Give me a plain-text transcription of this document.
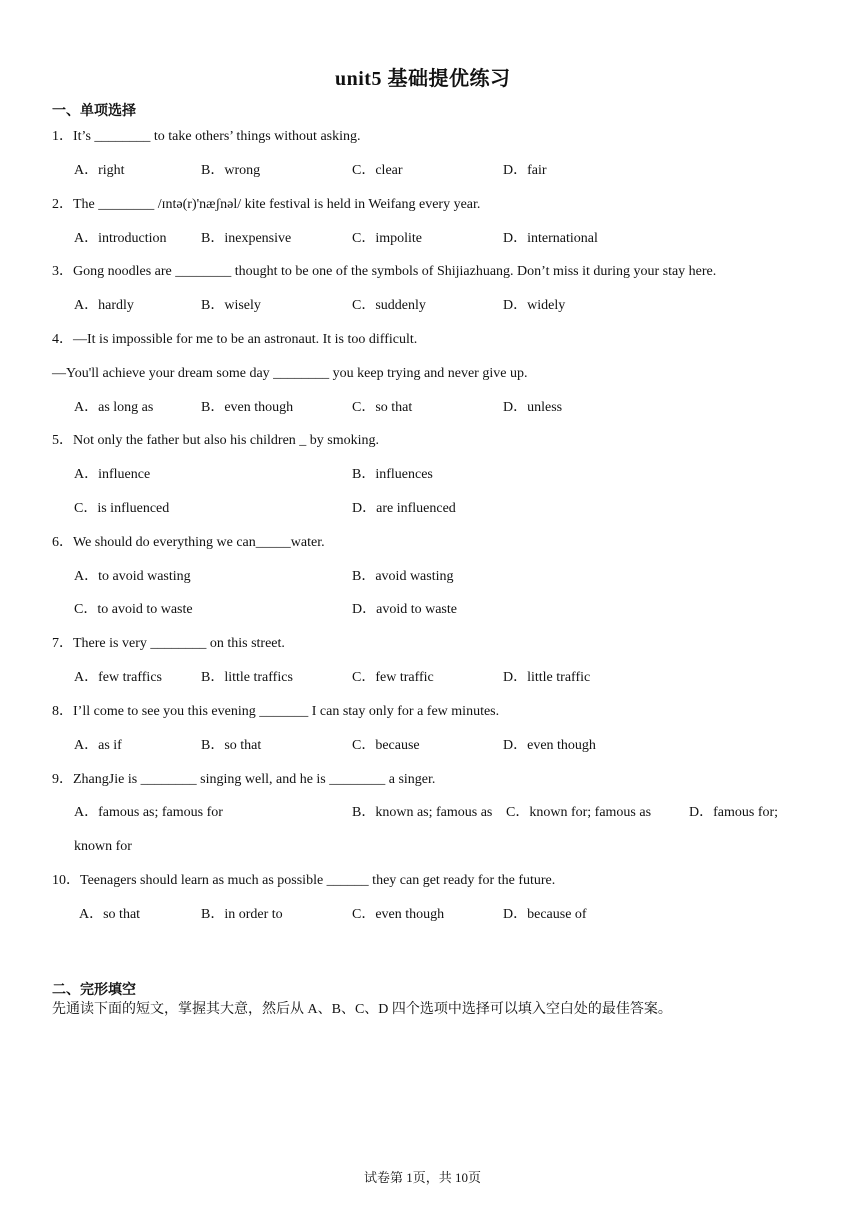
unit5 基础提优练习
一、单项选择
1．It’s ________ to take others’ things without asking.
A．right	B．wrong	C．clear	D．fair
2．The ________ /ɪntə(r)'næʃnəl/ kite festival is held in Weifang every year.
A．introduction B．inexpensive	C．impolite	D．international
3．Gong noodles are ________ thought to be one of the symbols of Shijiazhuang. Don’t miss it during your stay here.
A．hardly	B．wisely	C．suddenly	D．widely
4．—It is impossible for me to be an astronaut. It is too difficult.
—You'll achieve your dream some day ________ you keep trying and never give up.
A．as long as	B．even though	C．so that	D．unless
5．Not only the father but also his children _ by smoking.
A．influence	B．influences
C．is influenced	D．are influenced
6．We should do everything we can_____water.
A．to avoid wasting	B．avoid wasting
C．to avoid to waste	D．avoid to waste
7．There is very ________ on this street.
A．few traffics	B．little traffics	C．few traffic	D．little traffic
8．I’ll come to see you this evening _______ I can stay only for a few minutes.
A．as if	B．so that	C．because	D．even though
9．ZhangJie is ________ singing well, and he is ________ a singer.
A．famous as; famous for	B．known as; famous as C．known for; famous as	D．famous for;
known for
10．Teenagers should learn as much as possible ______ they can get ready for the future.
A．so that	B．in order to	C．even though	D．because of
二、完形填空
先通读下面的短文，掌握其大意，然后从 A、B、C、D 四个选项中选择可以填入空白处的最佳答案。
试卷第 1页，共 10页
